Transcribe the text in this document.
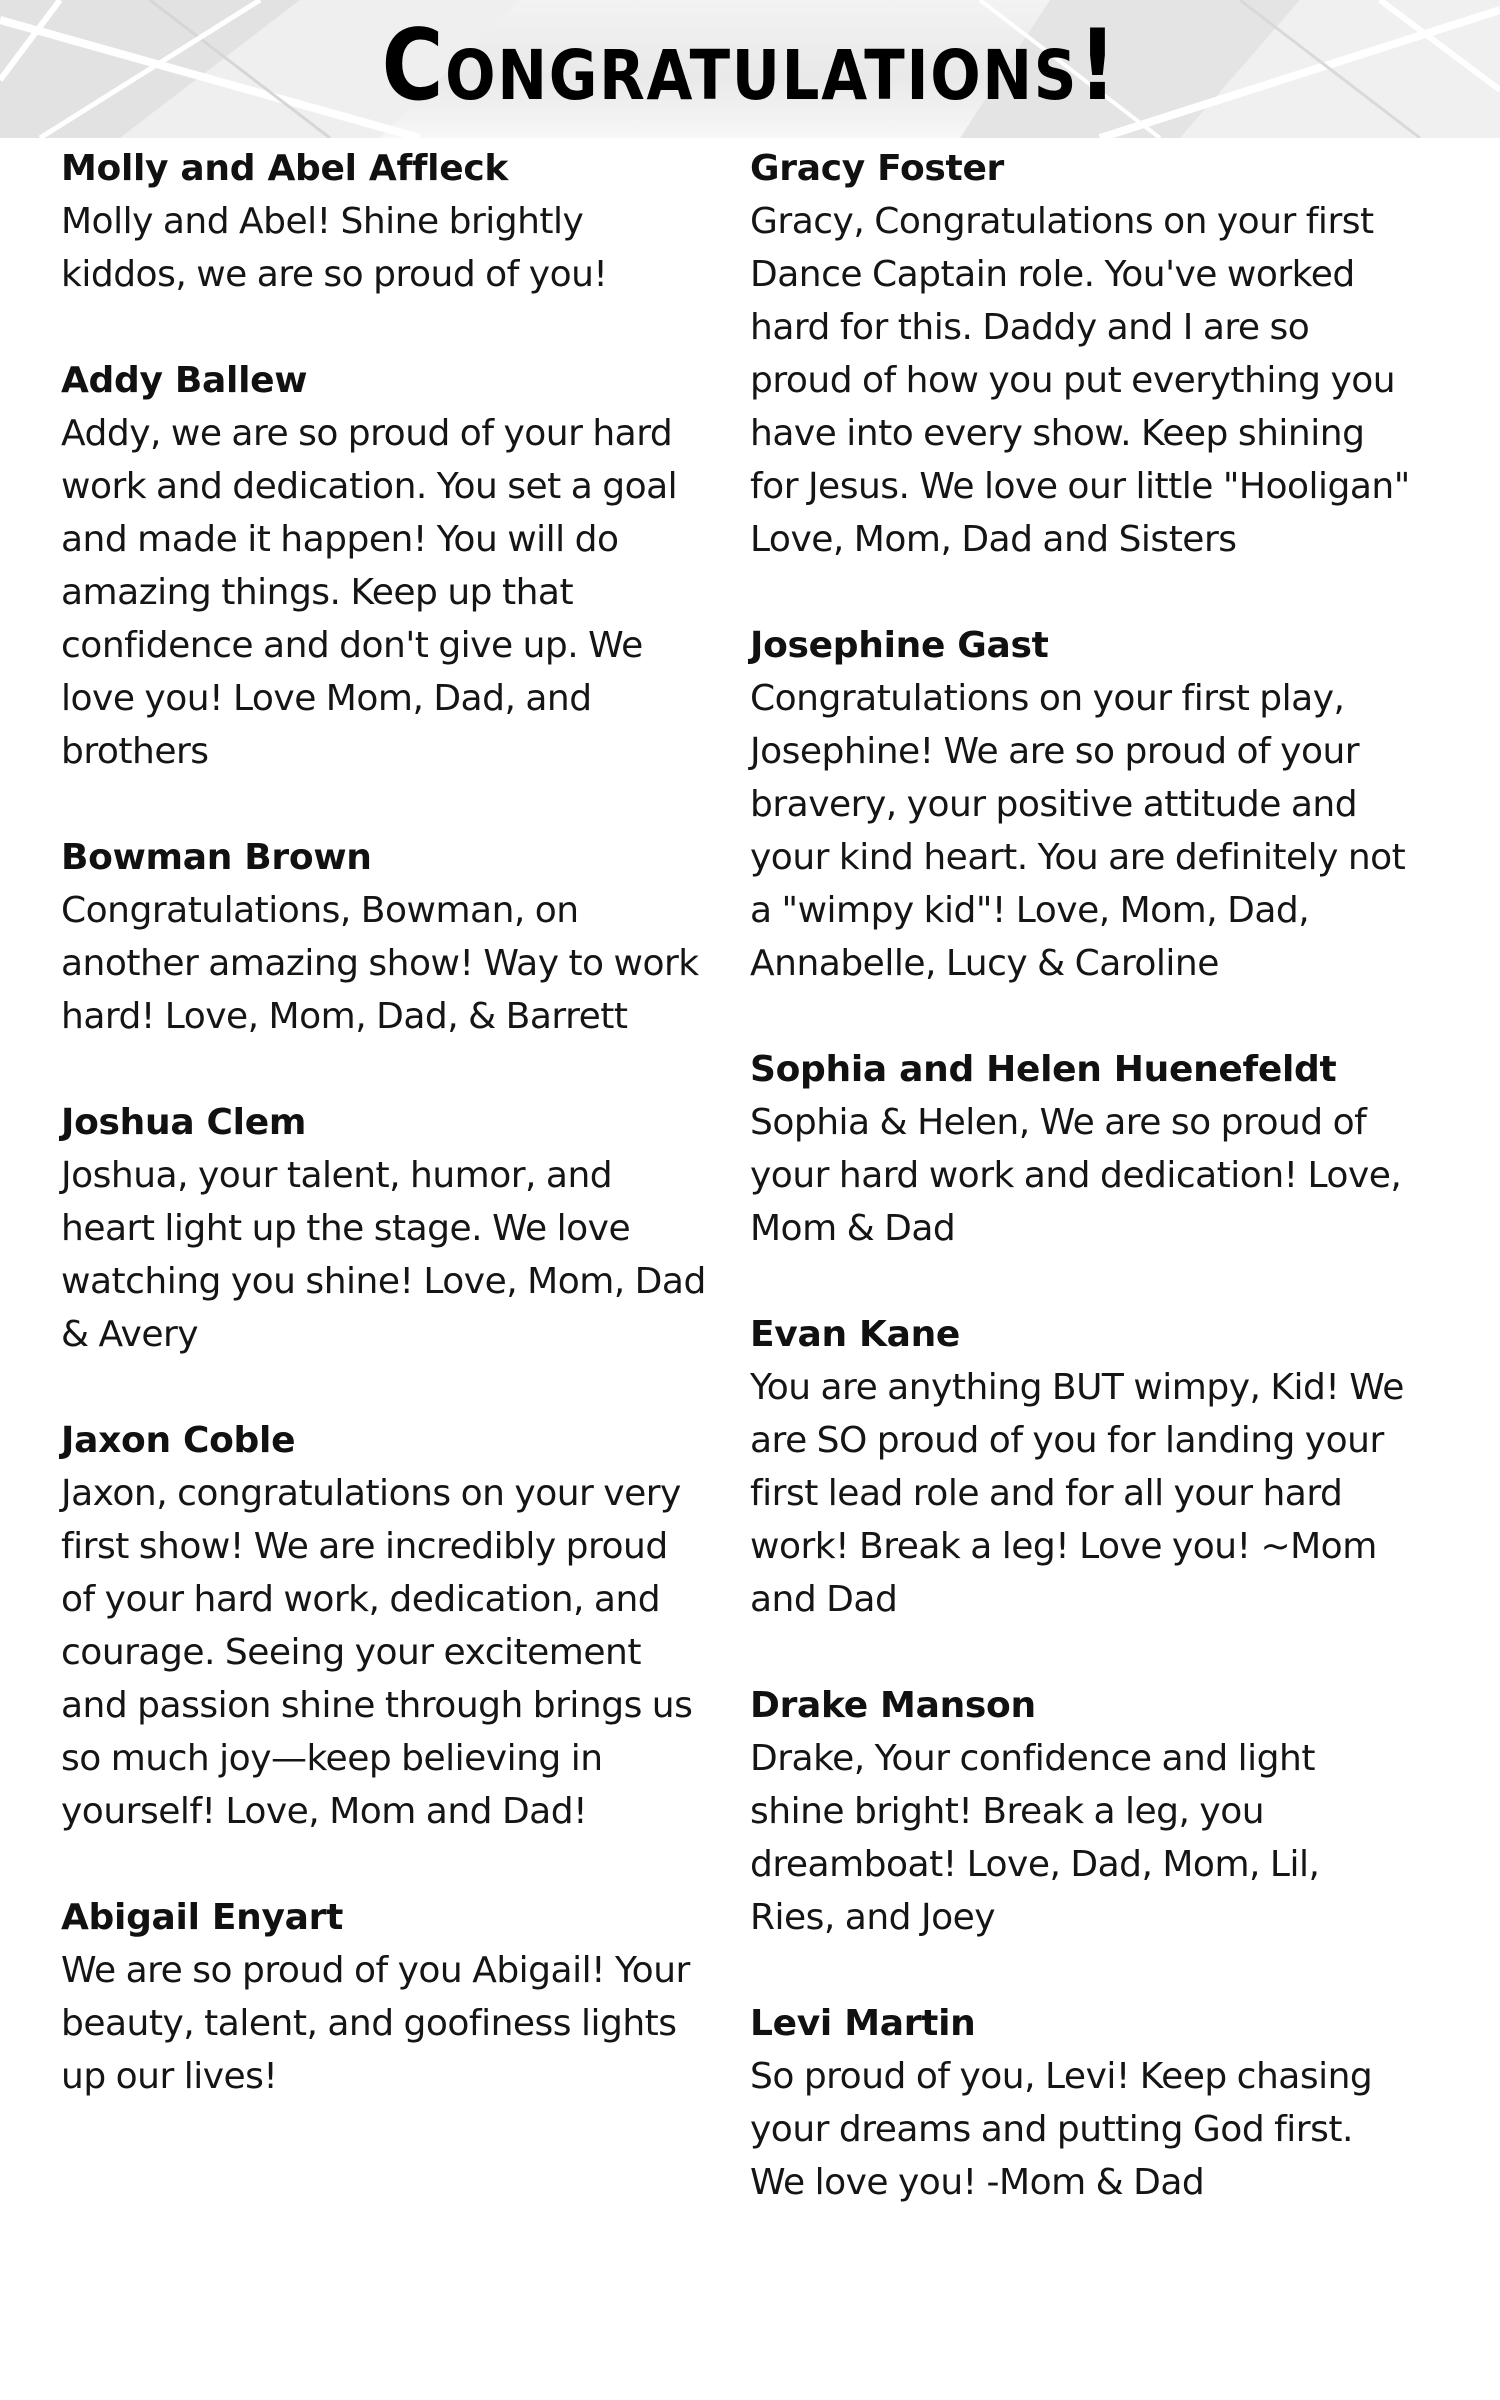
Congratulations!

Molly and Abel Affleck

Molly and Abel! Shine brightly kiddos, we are so proud of you!

Addy Ballew

Addy, we are so proud of your hard work and dedication. You set a goal and made it happen! You will do amazing things. Keep up that confidence and don't give up. We love you! Love Mom, Dad, and brothers

Bowman Brown

Congratulations, Bowman, on another amazing show! Way to work hard! Love, Mom, Dad, & Barrett

Joshua Clem

Joshua, your talent, humor, and heart light up the stage. We love watching you shine! Love, Mom, Dad & Avery

Jaxon Coble

Jaxon, congratulations on your very first show! We are incredibly proud of your hard work, dedication, and courage. Seeing your excitement and passion shine through brings us so much joy—keep believing in yourself! Love, Mom and Dad!

Abigail Enyart

We are so proud of you Abigail! Your beauty, talent, and goofiness lights up our lives!

Gracy Foster

Gracy, Congratulations on your first Dance Captain role. You've worked hard for this. Daddy and I are so proud of how you put everything you have into every show. Keep shining for Jesus. We love our little "Hooligan" Love, Mom, Dad and Sisters

Josephine Gast

Congratulations on your first play, Josephine! We are so proud of your bravery, your positive attitude and your kind heart. You are definitely not a "wimpy kid"! Love, Mom, Dad, Annabelle, Lucy & Caroline

Sophia and Helen Huenefeldt

Sophia & Helen, We are so proud of your hard work and dedication! Love, Mom & Dad

Evan Kane

You are anything BUT wimpy, Kid! We are SO proud of you for landing your first lead role and for all your hard work! Break a leg! Love you! ~Mom and Dad

Drake Manson

Drake, Your confidence and light shine bright! Break a leg, you dreamboat! Love, Dad, Mom, Lil, Ries, and Joey

Levi Martin

So proud of you, Levi! Keep chasing your dreams and putting God first. We love you! -Mom & Dad
